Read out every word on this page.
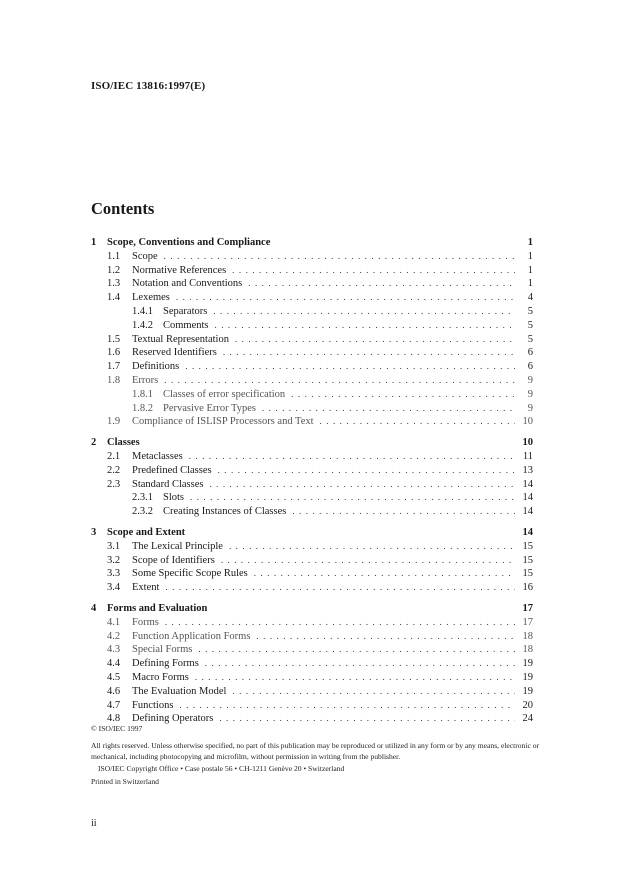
ISO/IEC 13816:1997(E)
Contents
1	Scope, Conventions and Compliance	1
1.1	Scope . . .	1
1.2	Normative References . . .	1
1.3	Notation and Conventions . . .	1
1.4	Lexemes . . .	4
1.4.1 Separators . . .	5
1.4.2 Comments . . .	5
1.5	Textual Representation . . .	5
1.6	Reserved Identifiers . . .	6
1.7	Definitions . . .	6
1.8	Errors . . .	9
1.8.1 Classes of error specification . . .	9
1.8.2 Pervasive Error Types . . .	9
1.9	Compliance of ISLISP Processors and Text . . .	10
2	Classes	10
2.1	Metaclasses . . .	11
2.2	Predefined Classes . . .	13
2.3	Standard Classes . . .	14
2.3.1 Slots . . .	14
2.3.2 Creating Instances of Classes . . .	14
3	Scope and Extent	14
3.1	The Lexical Principle . . .	15
3.2	Scope of Identifiers . . .	15
3.3	Some Specific Scope Rules . . .	15
3.4	Extent . . .	16
4	Forms and Evaluation	17
4.1	Forms . . .	17
4.2	Function Application Forms . . .	18
4.3	Special Forms . . .	18
4.4	Defining Forms . . .	19
4.5	Macro Forms . . .	19
4.6	The Evaluation Model . . .	19
4.7	Functions . . .	20
4.8	Defining Operators . . .	24
© ISO/IEC 1997
All rights reserved. Unless otherwise specified, no part of this publication may be reproduced or utilized in any form or by any means, electronic or mechanical, including photocopying and microfilm, without permission in writing from the publisher.
ISO/IEC Copyright Office • Case postale 56 • CH-1211 Genève 20 • Switzerland
Printed in Switzerland
ii
